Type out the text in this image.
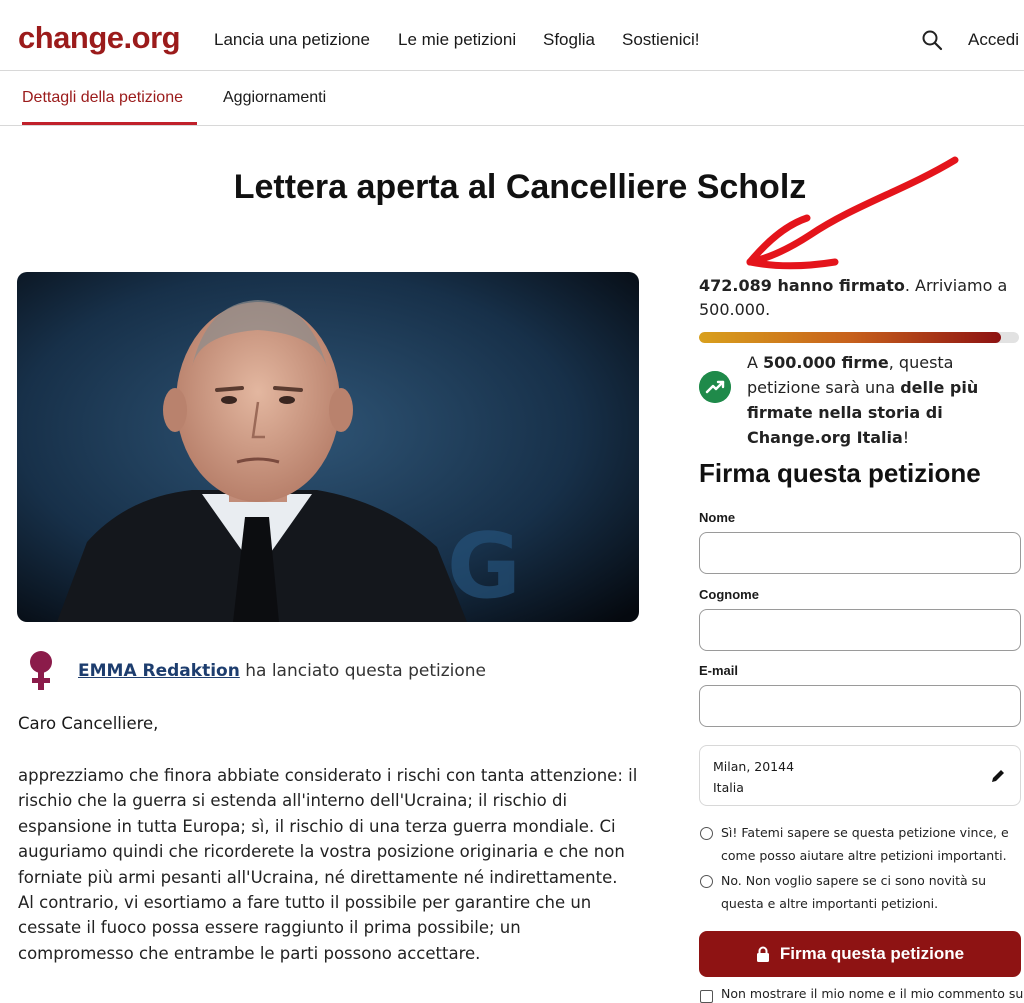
change.org Lancia una petizione Le mie petizioni Sfoglia Sostienici!	Accedi
Dettagli della petizione	Aggiornamenti
Lettera aperta al Cancelliere Scholz
G
EMMA Redaktion ha lanciato questa petizione
Caro Cancelliere,
apprezziamo che finora abbiate considerato i rischi con tanta attenzione: il rischio che la guerra si estenda all'interno dell'Ucraina; il rischio di espansione in tutta Europa; sì, il rischio di una terza guerra mondiale. Ci auguriamo quindi che ricorderete la vostra posizione originaria e che non forniate più armi pesanti all'Ucraina, né direttamente né indirettamente. Al contrario, vi esortiamo a fare tutto il possibile per garantire che un cessate il fuoco possa essere raggiunto il prima possibile; un compromesso che entrambe le parti possono accettare.
472.089 hanno firmato. Arriviamo a 500.000.
A 500.000 firme, questa petizione sarà una delle più firmate nella storia di Change.org Italia!
Firma questa petizione
Nome
Cognome
E-mail
Milan, 20144
Italia
Sì! Fatemi sapere se questa petizione vince, e come posso aiutare altre petizioni importanti.
No. Non voglio sapere se ci sono novità su questa e altre importanti petizioni.
Firma questa petizione
Non mostrare il mio nome e il mio commento su
